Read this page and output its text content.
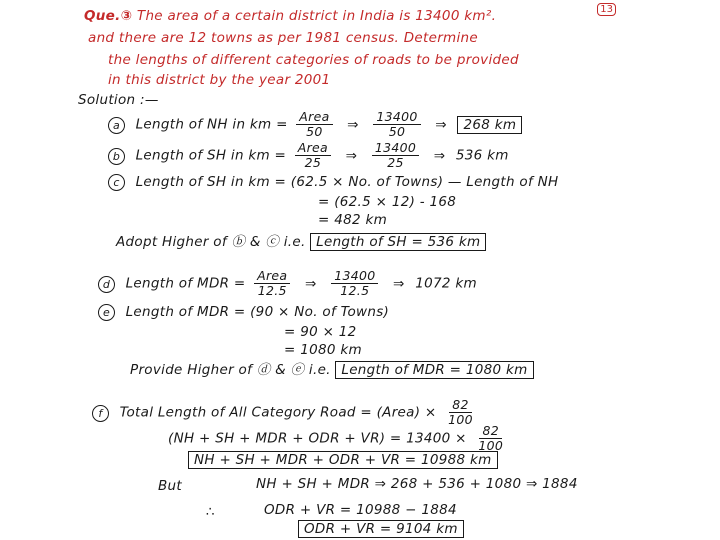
13
Que.③ The area of a certain district in India is 13400 km².
and there are 12 towns as per 1981 census. Determine
the lengths of different categories of roads to be provided
in this district by the year 2001
Solution :—
a Length of NH in km = $\frac{\text{Area}}{50}$ ⇒ $\frac{13400}{50}$ ⇒ 268 km
b Length of SH in km = $\frac{\text{Area}}{25}$ ⇒ $\frac{13400}{25}$ ⇒ 536 km
c Length of SH in km = (62.5 × No. of Towns) — Length of NH
= (62.5 × 12) - 168
= 482 km
Adopt Higher of ⓑ & ⓒ i.e. Length of SH = 536 km
d Length of MDR = $\frac{\text{Area}}{12.5}$ ⇒ $\frac{13400}{12.5}$ ⇒ 1072 km
e Length of MDR = (90 × No. of Towns)
= 90 × 12
= 1080 km
Provide Higher of ⓓ & ⓔ i.e. Length of MDR = 1080 km
f Total Length of All Category Road = (Area) × $\frac{82}{100}$
(NH + SH + MDR + ODR + $VR) = 13400 \times \frac{82}{100}$
NH + SH + MDR + ODR + VR = 10988 km
But	NH + SH + MDR ⇒ 268 + 536 + 1080 ⇒ 1884
∴	ODR + VR = 10988 − 1884
ODR + VR = 9104 km
